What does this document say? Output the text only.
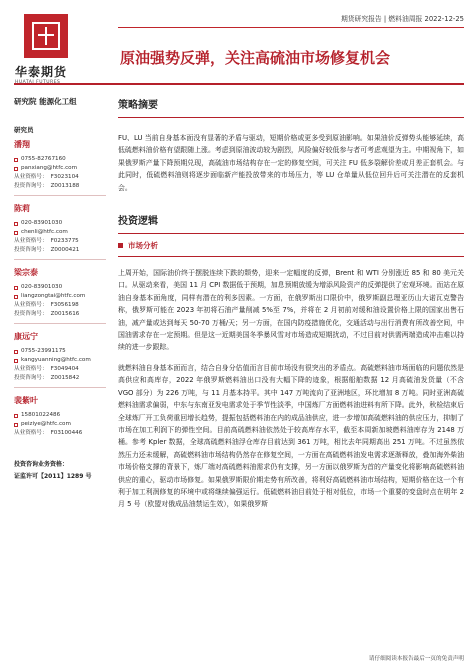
华泰期货
期货研究报告 | 燃料油周报 2022-12-25
原油强势反弹，关注高硫油市场修复机会
研究院 能源化工组
研究员
潘翔
0755-82767160
panxiang@htfc.com
从业资格号： F3023104
投资咨询号： Z0013188
陈莉
020-83901030
chenli@htfc.com
从业资格号： F0233775
投资咨询号： Z0000421
梁宗泰
020-83901030
liangzongtai@htfc.com
从业资格号： F3056198
投资咨询号： Z0015616
康远宁
0755-23991175
kangyuanning@htfc.com
从业资格号： F3049404
投资咨询号： Z0015842
裴紫叶
15801022486
peiziye@htfc.com
从业资格号： F03100446
投资咨询业务资格：
证监许可【2011】1289 号
策略摘要
FU、LU 当前自身基本面没有显著的矛盾与驱动，短期价格或更多受到原油影响。如果油价反弹势头能够延续，高低硫燃料油价格有望跟随上涨。考虑到原油波动较为剧烈，风险偏好较低参与者可考虑观望为主。中期视角下，如果俄罗斯产量下降预期兑现，高硫油市场结构存在一定的修复空间，可关注 FU 低多裂解价差或月差正套机会。与此同时，低硫燃料油则将逐步面临新产能投放带来的市场压力，等 LU 仓单量从低位回升后可关注潜在的反套机会。
投资逻辑
市场分析
上周开始，国际油价终于摆脱连续下跌的颓势，迎来一定幅度的反弹，Brent 和 WTI 分别涨近 85 和 80 美元关口。从驱动来看，美国 11 月 CPI 数据低于预期，加息预期放缓为增添风险资产的反弹提供了宏观环境。而站在原油自身基本面角度，同样有潜在的利多因素。一方面，在俄罗斯出口限价中，俄罗斯副总理亚历山大诺瓦克警告称，俄罗斯可能在 2023 年初将石油产量削减 5%至 7%，并将在 2 月初前对缓和油设置价格上限的国家出售石油，减产量或达到每天 50-70 万桶/天；另一方面，在国内防疫措施优化，交通活动与出行消费有所改善空间，中国油需求存在一定预期。但是这一近期美国冬季暴风雪对市场造成短期扰动，不过目前对供需两端造成冲击难以持续的进一步跟踪。
就燃料油自身基本面而言，结合自身分估值而言目前市场没有很突出的矛盾点。高硫燃料油市场面临的问题依然是高供应和高库存，2022 年俄罗斯燃料油出口没有大幅下降的迹象，根据船舶数据 12 月高硫油发货量（不含 VGO 部分）为 226 万吨，与 11 月基本持平。其中 147 万吨流向了亚洲地区，环比增加 8 万吨。同时亚洲高硫燃料油需求偏弱，中东与东南亚发电需求处于季节性淡季，中国炼厂方面燃料油进料有所下降。此外，秋检结束后全球炼厂开工负荷重回增长趋势，提振包括燃料油在内的成品油供应，进一步增加高硫燃料油的供应压力，抑制了市场在加工利润下的弹性空间。目前高硫燃料油依然处于较高库存水平，截至本周新加坡燃料油库存为 2148 万桶。参考 Kpler 数据，全球高硫燃料油浮仓库存目前达到 361 万吨，相比去年同期高出 251 万吨。不过虽然依然压力还未缓解，高硫燃料油市场结构仍然存在修复空间，一方面在高硫燃料油发电需求逐渐释放，叠加海外柴油市场价格支撑的背景下，炼厂端对高硫燃料油需求仍有支撑，另一方面以俄罗斯为首的产量变化将影响高硫燃料油供应的重心，驱动市场修复。如果俄罗斯限价期走势有所改善，将利好高硫燃料油市场结构，短期价格在这一个有利于加工利润修复的环境中或将继续偏强运行。低硫燃料油目前处于相对低位，市场一个重要的变盘时点在明年 2 月 5 号（欧盟对俄成品油禁运生效），如果俄罗斯
请仔细阅读本报告最后一页的免责声明
